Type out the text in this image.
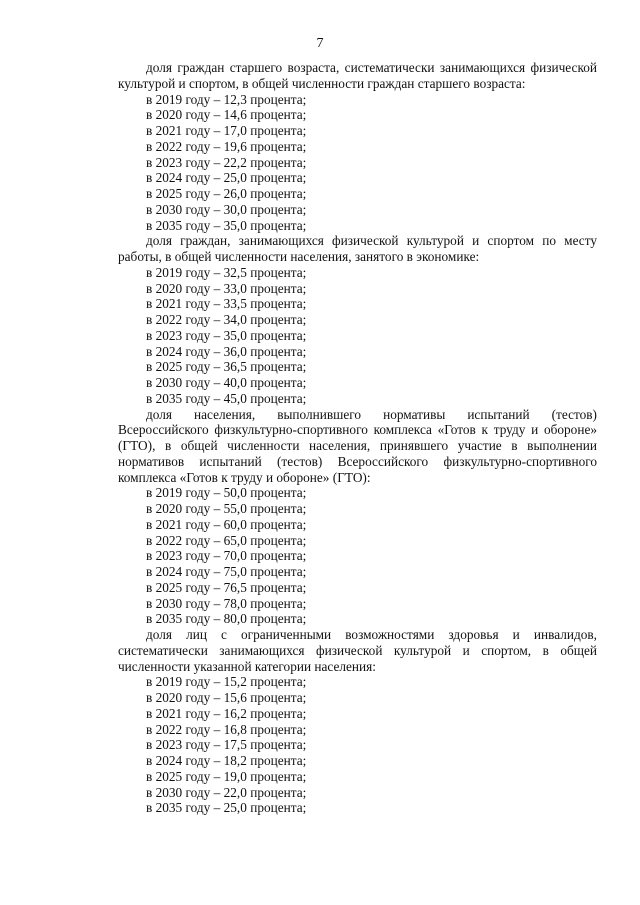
7

доля граждан старшего возраста, систематически занимающихся физической культурой и спортом, в общей численности граждан старшего возраста:

в 2019 году – 12,3 процента;
в 2020 году – 14,6 процента;
в 2021 году – 17,0 процента;
в 2022 году – 19,6 процента;
в 2023 году – 22,2 процента;
в 2024 году – 25,0 процента;
в 2025 году – 26,0 процента;
в 2030 году – 30,0 процента;
в 2035 году – 35,0 процента;

доля граждан, занимающихся физической культурой и спортом по месту работы, в общей численности населения, занятого в экономике:

в 2019 году – 32,5 процента;
в 2020 году – 33,0 процента;
в 2021 году – 33,5 процента;
в 2022 году – 34,0 процента;
в 2023 году – 35,0 процента;
в 2024 году – 36,0 процента;
в 2025 году – 36,5 процента;
в 2030 году – 40,0 процента;
в 2035 году – 45,0 процента;

доля населения, выполнившего нормативы испытаний (тестов) Всероссийского физкультурно-спортивного комплекса «Готов к труду и обороне» (ГТО), в общей численности населения, принявшего участие в выполнении нормативов испытаний (тестов) Всероссийского физкультурно-спортивного комплекса «Готов к труду и обороне» (ГТО):

в 2019 году – 50,0 процента;
в 2020 году – 55,0 процента;
в 2021 году – 60,0 процента;
в 2022 году – 65,0 процента;
в 2023 году – 70,0 процента;
в 2024 году – 75,0 процента;
в 2025 году – 76,5 процента;
в 2030 году – 78,0 процента;
в 2035 году – 80,0 процента;

доля лиц с ограниченными возможностями здоровья и инвалидов, систематически занимающихся физической культурой и спортом, в общей численности указанной категории населения:

в 2019 году – 15,2 процента;
в 2020 году – 15,6 процента;
в 2021 году – 16,2 процента;
в 2022 году – 16,8 процента;
в 2023 году – 17,5 процента;
в 2024 году – 18,2 процента;
в 2025 году – 19,0 процента;
в 2030 году – 22,0 процента;
в 2035 году – 25,0 процента;
